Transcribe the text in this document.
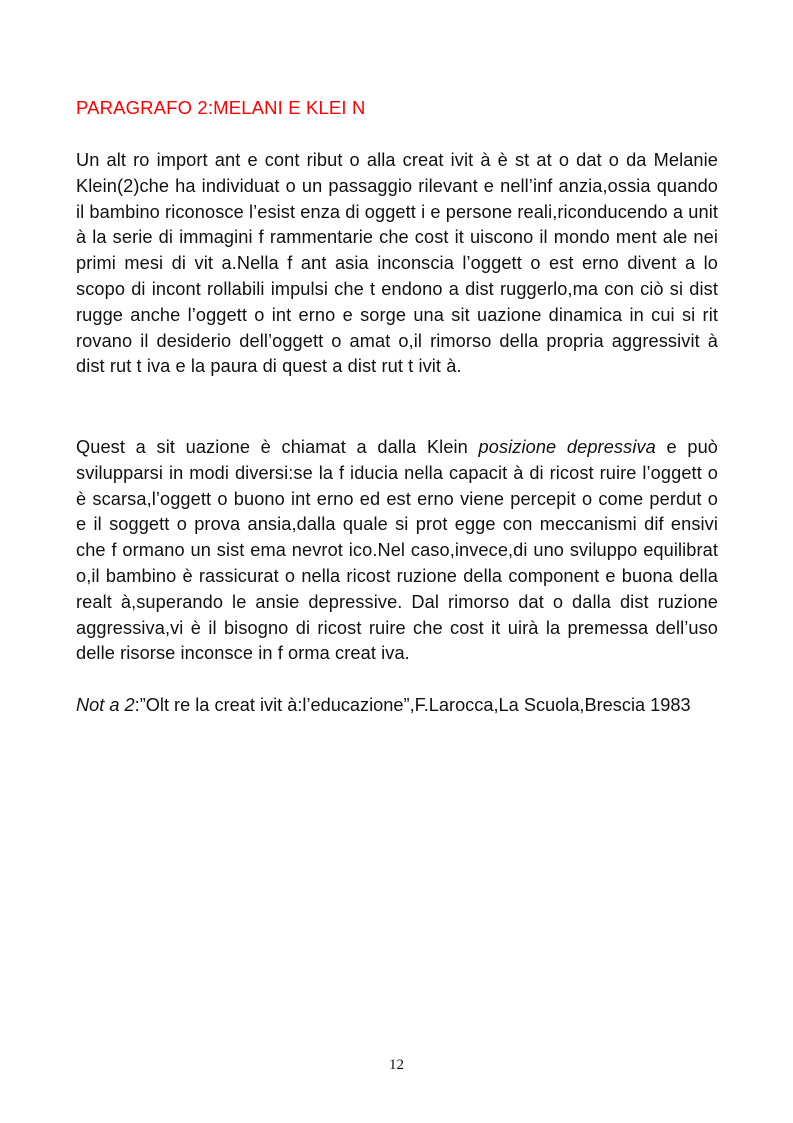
PARAGRAFO 2:MELANI E KLEI N

Un alt ro import ant e cont ribut o alla creat ivit à è st at o dat o da Melanie Klein(2)che ha individuat o un passaggio rilevant e nell’inf anzia,ossia quando il bambino riconosce l’esist enza di oggett i e persone reali,riconducendo a unit à la serie di immagini f rammentarie che cost it uiscono il mondo ment ale nei primi mesi di vit a.Nella f ant asia inconscia l’oggett o est erno divent a lo scopo di incont rollabili impulsi che t endono a dist ruggerlo,ma con ciò si dist rugge anche l’oggett o int erno e sorge una sit uazione dinamica in cui si rit rovano il desiderio dell’oggett o amat o,il rimorso della propria aggressivit à dist rut t iva e la paura di quest a dist rut t ivit à.

Quest a sit uazione è chiamat a dalla Klein posizione depressiva e può svilupparsi in modi diversi:se la f iducia nella capacit à di ricost ruire l’oggett o è scarsa,l’oggett o buono int erno ed est erno viene percepit o come perdut o e il soggett o prova ansia,dalla quale si prot egge con meccanismi dif ensivi che f ormano un sist ema nevrot ico.Nel caso,invece,di uno sviluppo equilibrat o,il bambino è rassicurat o nella ricost ruzione della component e buona della realt à,superando le ansie depressive. Dal rimorso dat o dalla dist ruzione aggressiva,vi è il bisogno di ricost ruire che cost it uirà la premessa dell’uso delle risorse inconsce in f orma creat iva.

Not a 2:”Olt re la creat ivit à:l’educazione”,F.Larocca,La Scuola,Brescia 1983

12
